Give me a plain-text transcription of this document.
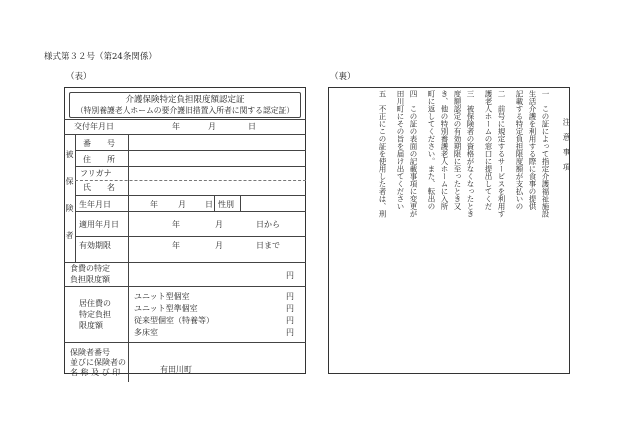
様式第３２号（第24条関係）
（表）	（裏）
介護保険特定負担限度額認定証
（特別養護老人ホームの要介護旧措置入所者に関する認定証）
交付年月日	年	月	日
被
保
険
者
番　　号
住　　所
フリガナ
氏　　名
生年月日	年	月 日 性別
適用年月日	年	月	日から
有効期限	年	月	日まで
食費の特定
負担限度額	円
居住費の
特定負担
限度額
ユニット型個室	円
ユニット型準個室	円
従来型個室（特養等）	円
多床室	円
保険者番号
並びに保険者の
名 称 及 び 印	有田川町
注　意　事　項
一　この証によって指定介護福祉施設
生活介護を利用する際に食事の提供
記載する特定負担限度額が支払いの
二　前号に規定するサービスを利用す
護老人ホームの窓口に提出してくだ
三　被保険者の資格がなくなったとき
度額認定の有効期限に至ったとき又
き、他の特別養護老人ホームに入所
町に返してください。また、転出の
四　この証の表面の記載事項に変更が
田川町にその旨を届け出てください
五　不正にこの証を使用した者は、刑
